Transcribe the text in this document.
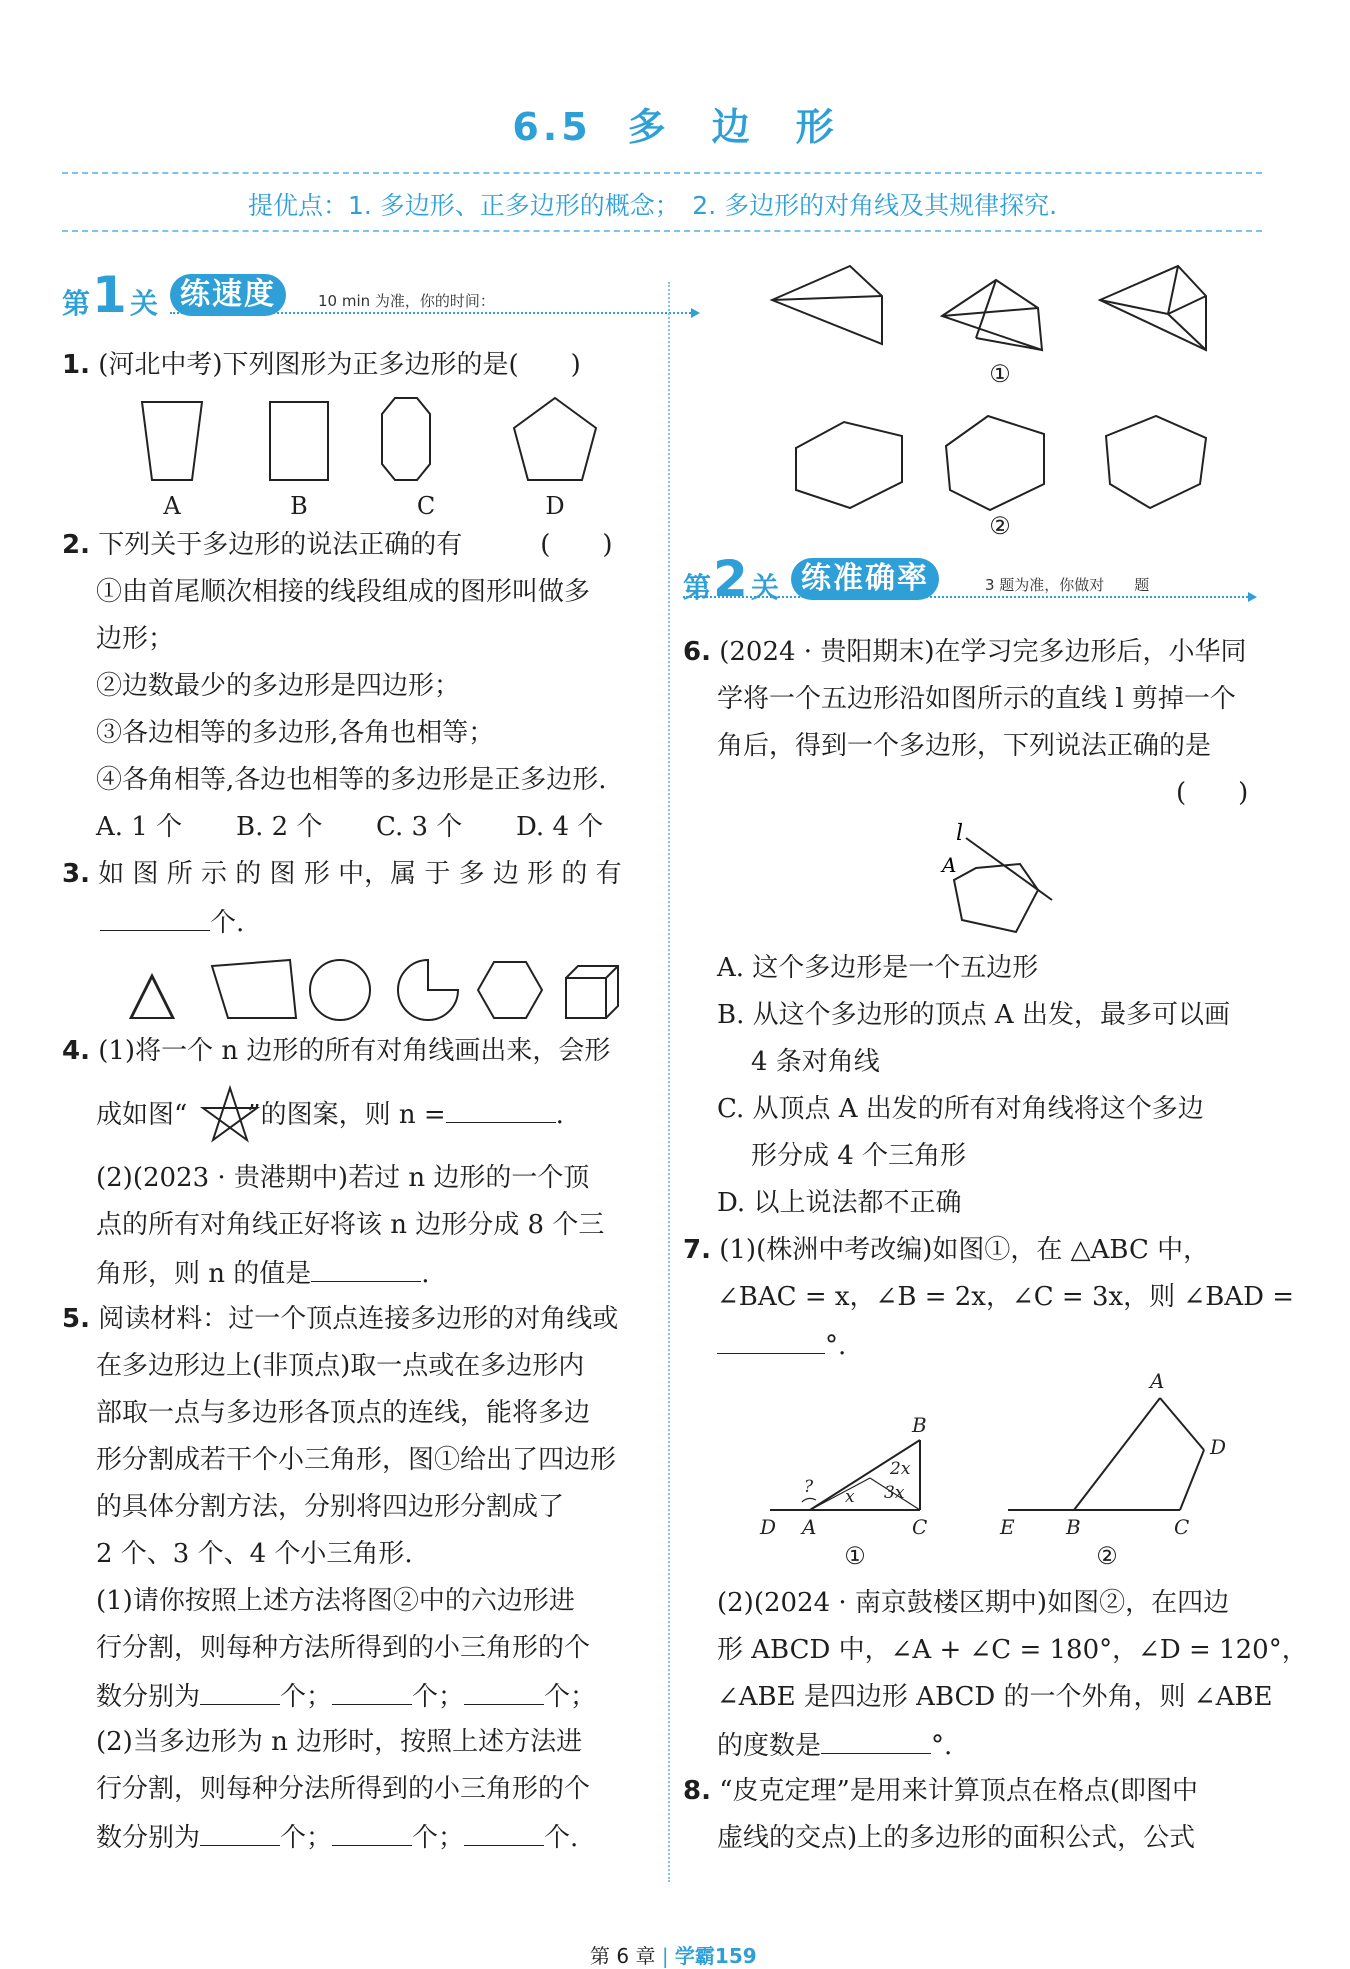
6.5 多　边　形
提优点：1. 多边形、正多边形的概念；　2. 多边形的对角线及其规律探究.
第 1 关 练速度	10 min 为准，你的时间：
1. (河北中考)下列图形为正多边形的是(　　)
A	B	C	D
2. 下列关于多边形的说法正确的有　　　(　　)
①由首尾顺次相接的线段组成的图形叫做多
边形；
②边数最少的多边形是四边形；
③各边相等的多边形,各角也相等；
④各角相等,各边也相等的多边形是正多边形.
A. 1 个 B. 2 个 C. 3 个 D. 4 个
3. 如 图 所 示 的 图 形 中，属 于 多 边 形 的 有
个.
4. (1)将一个 n 边形的所有对角线画出来，会形
成如图“ ”的图案，则 n =	.
(2)(2023 · 贵港期中)若过 n 边形的一个顶
点的所有对角线正好将该 n 边形分成 8 个三
角形，则 n 的值是	.
5. 阅读材料：过一个顶点连接多边形的对角线或
在多边形边上(非顶点)取一点或在多边形内
部取一点与多边形各顶点的连线，能将多边
形分割成若干个小三角形，图①给出了四边形
的具体分割方法，分别将四边形分割成了
2 个、3 个、4 个小三角形.
(1)请你按照上述方法将图②中的六边形进
行分割，则每种方法所得到的小三角形的个
数分别为	个；	个；	个；
(2)当多边形为 n 边形时，按照上述方法进
行分割，则每种分法所得到的小三角形的个
数分别为	个；	个；	个.
①
②
第 2 关 练准确率	3 题为准，你做对　　题
6. (2024 · 贵阳期末)在学习完多边形后，小华同
学将一个五边形沿如图所示的直线 l 剪掉一个
角后，得到一个多边形，下列说法正确的是
(　　)
l
A
A. 这个多边形是一个五边形
B. 从这个多边形的顶点 A 出发，最多可以画
4 条对角线
C. 从顶点 A 出发的所有对角线将这个多边
形分成 4 个三角形
D. 以上说法都不正确
7. (1)(株洲中考改编)如图①，在 △ABC 中，
∠BAC = x，∠B = 2x，∠C = 3x，则 ∠BAD =
°.
B
D A	C
? x
2x
3x
A
D
E	B	C
①	②
(2)(2024 · 南京鼓楼区期中)如图②，在四边
形 ABCD 中，∠A + ∠C = 180°，∠D = 120°，
∠ABE 是四边形 ABCD 的一个外角，则 ∠ABE
的度数是	°.
8. “皮克定理”是用来计算顶点在格点(即图中
虚线的交点)上的多边形的面积公式，公式
第 6 章 | 学霸159
